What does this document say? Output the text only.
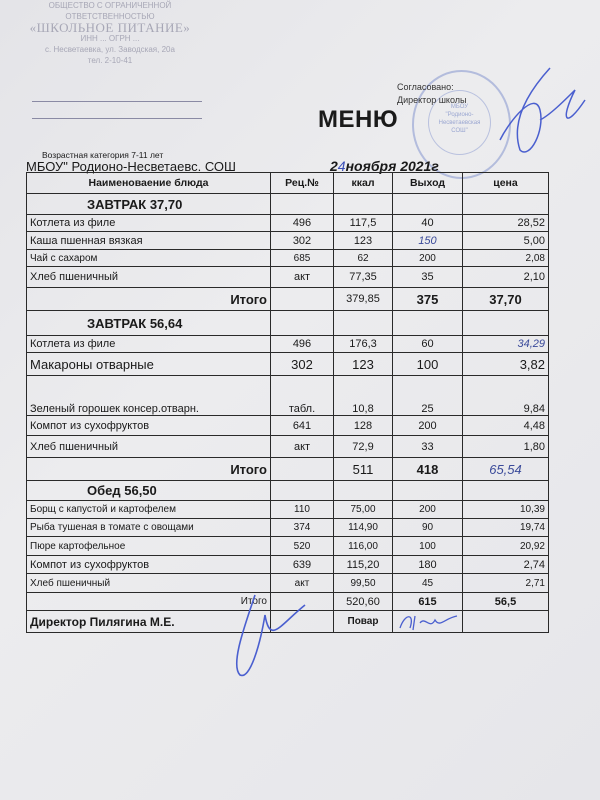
ОБЩЕСТВО С ОГРАНИЧЕННОЙ
ОТВЕТСТВЕННОСТЬЮ
«ШКОЛЬНОЕ ПИТАНИЕ»
ИНН ... ОГРН ...
с. Несветаевка, ул. Заводская, 20а
тел. 2-10-41
МБОУ
"Родионо-
Несветаевская
СОШ"
Согласовано:
Директор школы
МЕНЮ
Возрастная категория 7-11 лет
МБОУ" Родионо-Несветаевс. СОШ	24ноября 2021г
Наименоваение блюда	Рец.№	ккал	Выход	цена
ЗАВТРАК 37,70				
Котлета из филе	496	117,5	40	28,52
Каша пшенная вязкая	302	123	150	5,00
Чай с сахаром	685	62	200	2,08
Хлеб пшеничный	акт	77,35	35	2,10
Итого		379,85	375	37,70
ЗАВТРАК 56,64				
Котлета из филе	496	176,3	60	34,29
Макароны отварные	302	123	100	3,82
Зеленый горошек консер.отварн.	табл.	10,8	25	9,84
Компот из сухофруктов	641	128	200	4,48
Хлеб пшеничный	акт	72,9	33	1,80
Итого		511	418	65,54
Обед 56,50				
Борщ с капустой и картофелем	110	75,00	200	10,39
Рыба тушеная в томате с овощами	374	114,90	90	19,74
Пюре картофельное	520	116,00	100	20,92
Компот из сухофруктов	639	115,20	180	2,74
Хлеб пшеничный	акт	99,50	45	2,71
Итого		520,60	615	56,5
Директор Пилягина М.Е.		Повар		
